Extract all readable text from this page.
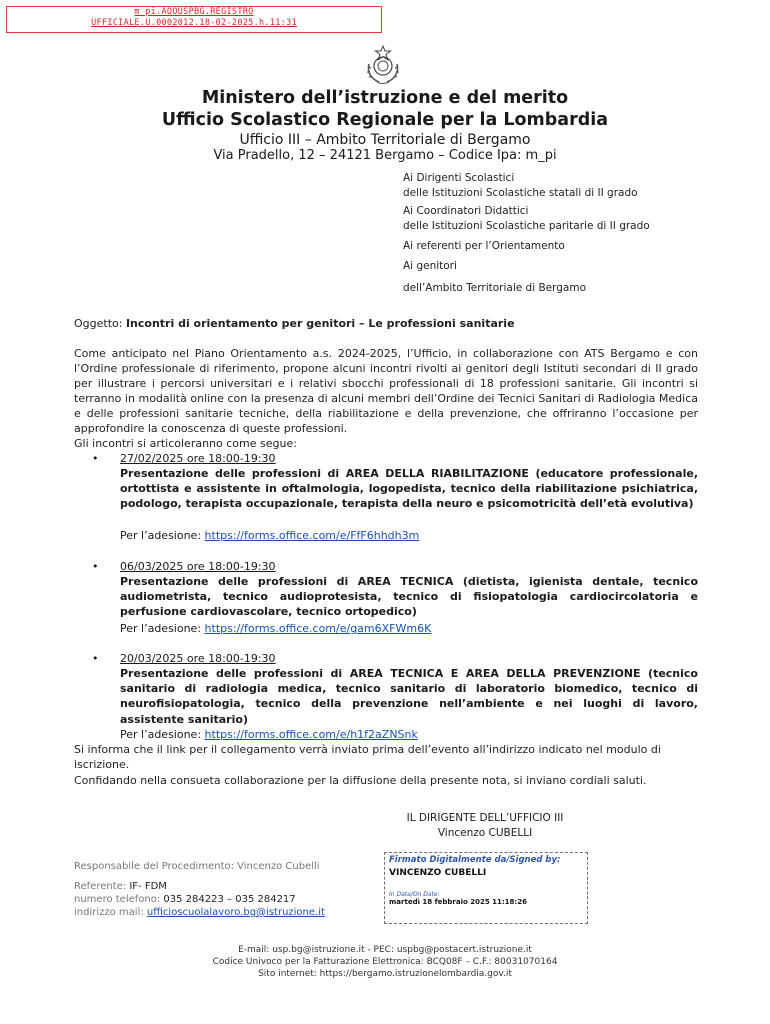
m_pi.AOOUSPBG.REGISTRO
UFFICIALE.U.0002012.18-02-2025.h.11:31
Ministero dell’istruzione e del merito
Ufficio Scolastico Regionale per la Lombardia
Ufficio III – Ambito Territoriale di Bergamo
Via Pradello, 12 – 24121 Bergamo – Codice Ipa: m_pi
Ai Dirigenti Scolastici
delle Istituzioni Scolastiche statali di II grado
Ai Coordinatori Didattici
delle Istituzioni Scolastiche paritarie di II grado
Ai referenti per l’Orientamento
Ai genitori
dell’Ambito Territoriale di Bergamo
Oggetto: Incontri di orientamento per genitori – Le professioni sanitarie
Come anticipato nel Piano Orientamento a.s. 2024-2025, l’Ufficio, in collaborazione con ATS Bergamo e con l’Ordine professionale di riferimento, propone alcuni incontri rivolti ai genitori degli Istituti secondari di II grado per illustrare i percorsi universitari e i relativi sbocchi professionali di 18 professioni sanitarie. Gli incontri si terranno in modalità online con la presenza di alcuni membri dell’Ordine dei Tecnici Sanitari di Radiologia Medica e delle professioni sanitarie tecniche, della riabilitazione e della prevenzione, che offriranno l’occasione per approfondire la conoscenza di queste professioni.
Gli incontri si articoleranno come segue:
• 27/02/2025 ore 18:00-19:30
Presentazione delle professioni di AREA DELLA RIABILITAZIONE (educatore professionale, ortottista e assistente in oftalmologia, logopedista, tecnico della riabilitazione psichiatrica, podologo, terapista occupazionale, terapista della neuro e psicomotricità dell’età evolutiva)
Per l’adesione: https://forms.office.com/e/FfF6hhdh3m
• 06/03/2025 ore 18:00-19:30
Presentazione delle professioni di AREA TECNICA (dietista, igienista dentale, tecnico audiometrista, tecnico audioprotesista, tecnico di fisiopatologia cardiocircolatoria e perfusione cardiovascolare, tecnico ortopedico)
Per l’adesione: https://forms.office.com/e/gam6XFWm6K
• 20/03/2025 ore 18:00-19:30
Presentazione delle professioni di AREA TECNICA E AREA DELLA PREVENZIONE (tecnico sanitario di radiologia medica, tecnico sanitario di laboratorio biomedico, tecnico di neurofisiopatologia, tecnico della prevenzione nell’ambiente e nei luoghi di lavoro, assistente sanitario)
Per l’adesione: https://forms.office.com/e/h1f2aZNSnk
Si informa che il link per il collegamento verrà inviato prima dell’evento all’indirizzo indicato nel modulo di iscrizione.
Confidando nella consueta collaborazione per la diffusione della presente nota, si inviano cordiali saluti.
IL DIRIGENTE DELL’UFFICIO III
Vincenzo CUBELLI
Responsabile del Procedimento: Vincenzo Cubelli
Referente: IF- FDM
numero telefono: 035 284223 – 035 284217
indirizzo mail: ufficioscuolalavoro.bg@istruzione.it
Firmato Digitalmente da/Signed by:
VINCENZO CUBELLI
In Data/On Date:
martedì 18 febbraio 2025 11:18:26
E-mail: usp.bg@istruzione.it - PEC: uspbg@postacert.istruzione.it
Codice Univoco per la Fatturazione Elettronica: BCQ08F – C.F.: 80031070164
Sito internet: https://bergamo.istruzionelombardia.gov.it
